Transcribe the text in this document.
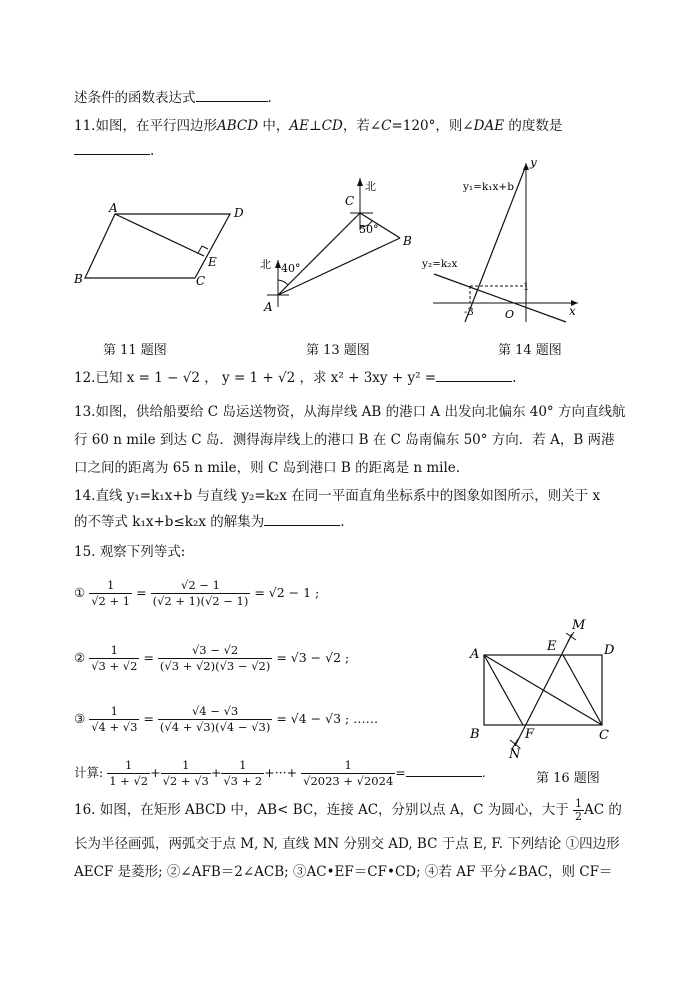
述条件的函数表达式	.
11.如图，在平行四边形ABCD 中，AE⊥CD，若∠C=120°，则∠DAE 的度数是
.
A	D
B	C
E
北
北
C
B
A
40°
50°
y
x
O
y₁=k₁x+b
y₂=k₂x
1
-3
第 11 题图	第 13 题图	第 14 题图
12.已知 x = 1 − √2 ， y = 1 + √2 ，求 x² + 3xy + y² =	.
13.如图，供给船要给 C 岛运送物资，从海岸线 AB 的港口 A 出发向北偏东 40° 方向直线航
行 60 n mile 到达 C 岛．测得海岸线上的港口 B 在 C 岛南偏东 50° 方向．若 A，B 两港
口之间的距离为 65 n mile，则 C 岛到港口 B 的距离是 n mile.
14.直线 y₁=k₁x+b 与直线 y₂=k₂x 在同一平面直角坐标系中的图象如图所示，则关于 x
的不等式 k₁x+b≤k₂x 的解集为	.
15. 观察下列等式:
① $\frac{1}{√2 + 1} = \frac{√2 - 1}{(√2 + 1)(√2 - 1)} = √2 - 1$ ;
② $\frac{1}{√3 + √2} = \frac{√3 - √2}{(√3 + √2)(√3 - √2)} = √3 - √2$ ;
③ $\frac{1}{√4 + √3} = \frac{√4 - √3}{(√4 + √3)(√4 - √3)} = √4 - √3$ ; ……
计算: $\frac{1}{1 + √2} + \frac{1}{√2 + √3} + \frac{1}{√3 + 2}$ +···+ $\frac{1}{√2023 + √2024}$ =	.
A	D
B	C
E
F
M
N
第 16 题图
16. 如图，在矩形 ABCD 中，AB< BC，连接 AC，分别以点 A，C 为圆心，大于 $\frac{1}{2}$ AC 的
长为半径画弧，两弧交于点 M, N, 直线 MN 分别交 AD, BC 于点 E, F. 下列结论 ①四边形
AECF 是菱形; ②∠AFB＝2∠ACB; ③AC•EF＝CF•CD; ④若 AF 平分∠BAC，则 CF＝
